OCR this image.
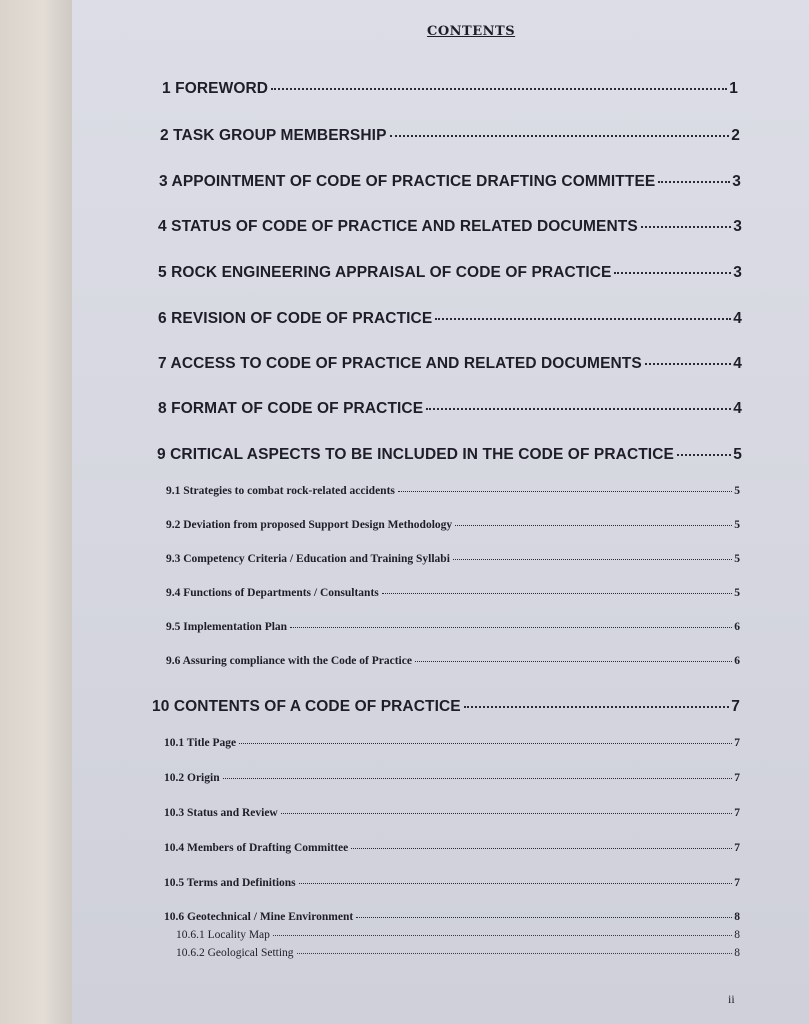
CONTENTS
1 FOREWORD	1
2 TASK GROUP MEMBERSHIP	2
3 APPOINTMENT OF CODE OF PRACTICE DRAFTING COMMITTEE	3
4 STATUS OF CODE OF PRACTICE AND RELATED DOCUMENTS	3
5 ROCK ENGINEERING APPRAISAL OF CODE OF PRACTICE	3
6 REVISION OF CODE OF PRACTICE	4
7 ACCESS TO CODE OF PRACTICE AND RELATED DOCUMENTS	4
8 FORMAT OF CODE OF PRACTICE	4
9 CRITICAL ASPECTS TO BE INCLUDED IN THE CODE OF PRACTICE	5
9.1 Strategies to combat rock-related accidents	5
9.2 Deviation from proposed Support Design Methodology	5
9.3 Competency Criteria / Education and Training Syllabi	5
9.4 Functions of Departments / Consultants	5
9.5 Implementation Plan	6
9.6 Assuring compliance with the Code of Practice	6
10 CONTENTS OF A CODE OF PRACTICE	7
10.1 Title Page	7
10.2 Origin	7
10.3 Status and Review	7
10.4 Members of Drafting Committee	7
10.5 Terms and Definitions	7
10.6 Geotechnical / Mine Environment	8
10.6.1 Locality Map	8
10.6.2 Geological Setting	8
ii
